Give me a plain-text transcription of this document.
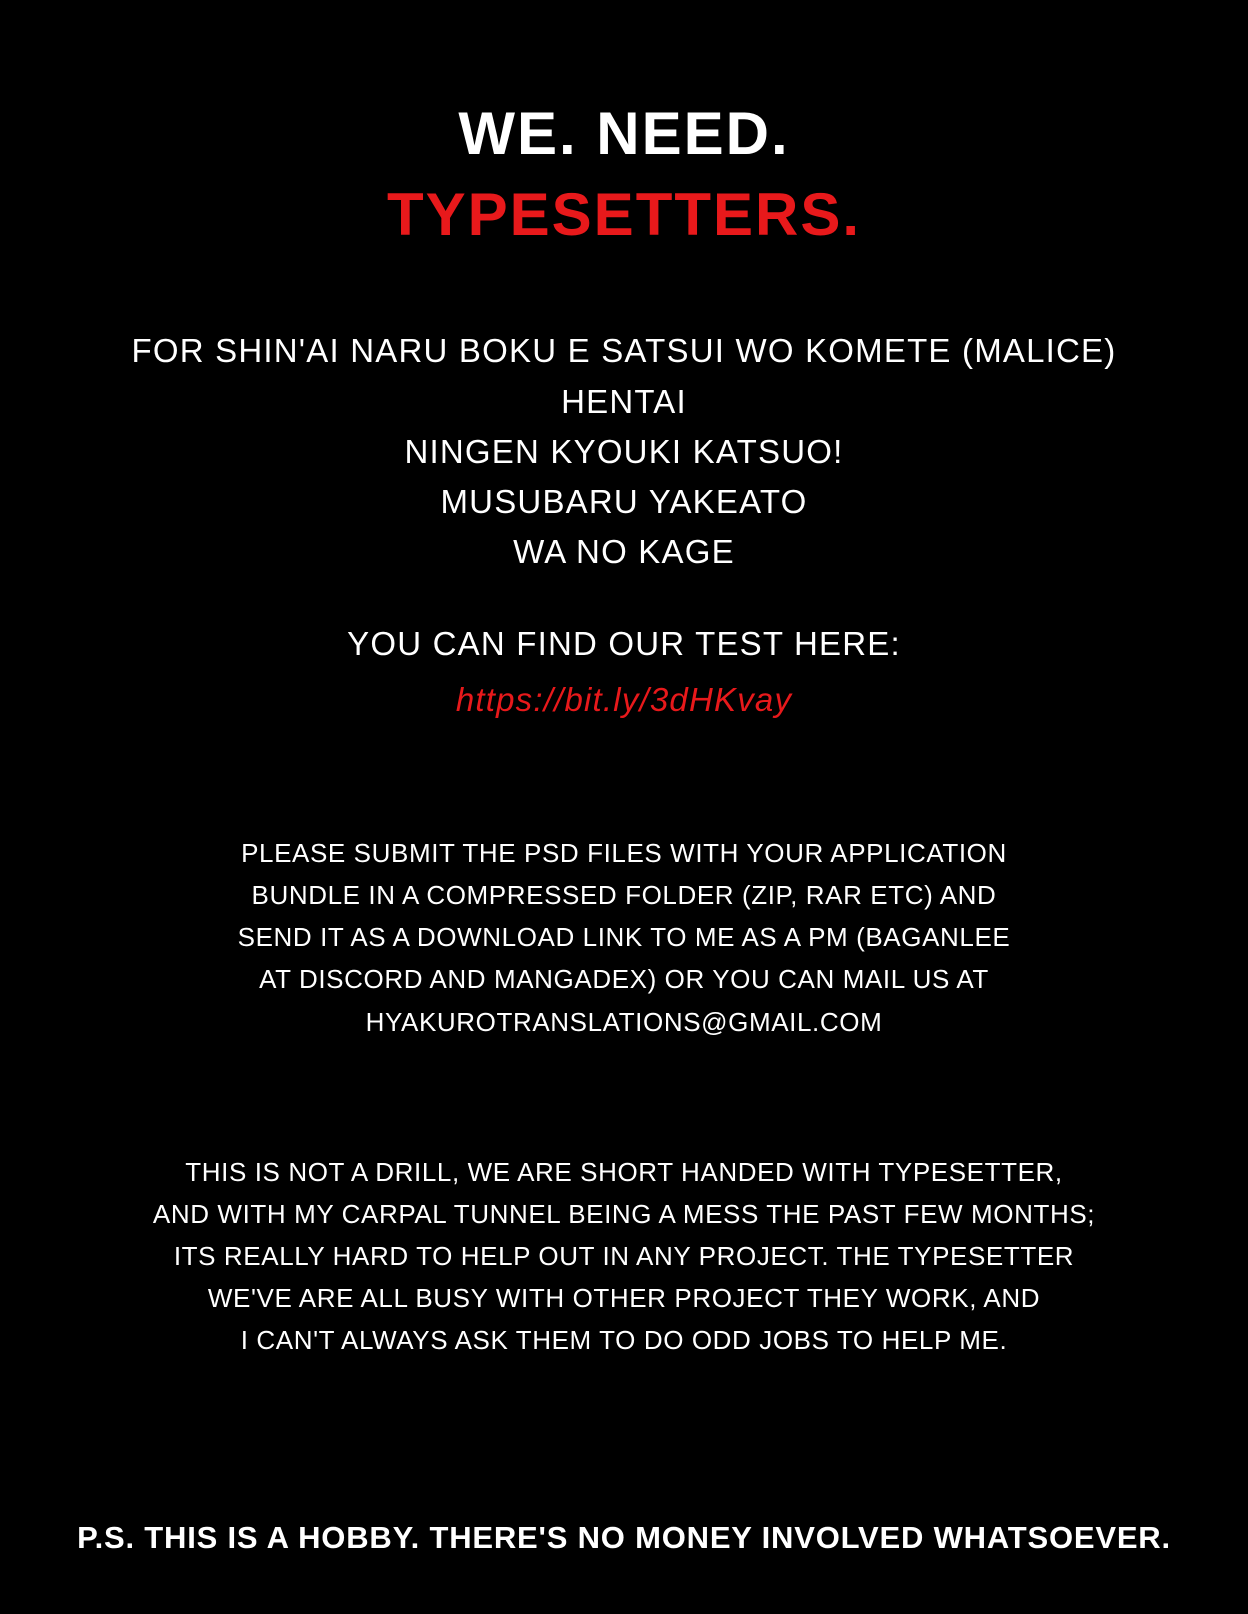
WE. NEED.
TYPESETTERS.
FOR SHIN'AI NARU BOKU E SATSUI WO KOMETE (MALICE)
HENTAI
NINGEN KYOUKI KATSUO!
MUSUBARU YAKEATO
WA NO KAGE
YOU CAN FIND OUR TEST HERE:
https://bit.ly/3dHKvay
PLEASE SUBMIT THE PSD FILES WITH YOUR APPLICATION
BUNDLE IN A COMPRESSED FOLDER (ZIP, RAR ETC) AND
SEND IT AS A DOWNLOAD LINK TO ME AS A PM (BAGANLEE
AT DISCORD AND MANGADEX) OR YOU CAN MAIL US AT
HYAKUROTRANSLATIONS@GMAIL.COM
THIS IS NOT A DRILL, WE ARE SHORT HANDED WITH TYPESETTER,
AND WITH MY CARPAL TUNNEL BEING A MESS THE PAST FEW MONTHS;
ITS REALLY HARD TO HELP OUT IN ANY PROJECT. THE TYPESETTER
WE'VE ARE ALL BUSY WITH OTHER PROJECT THEY WORK, AND
I CAN'T ALWAYS ASK THEM TO DO ODD JOBS TO HELP ME.
P.S. THIS IS A HOBBY. THERE'S NO MONEY INVOLVED WHATSOEVER.
